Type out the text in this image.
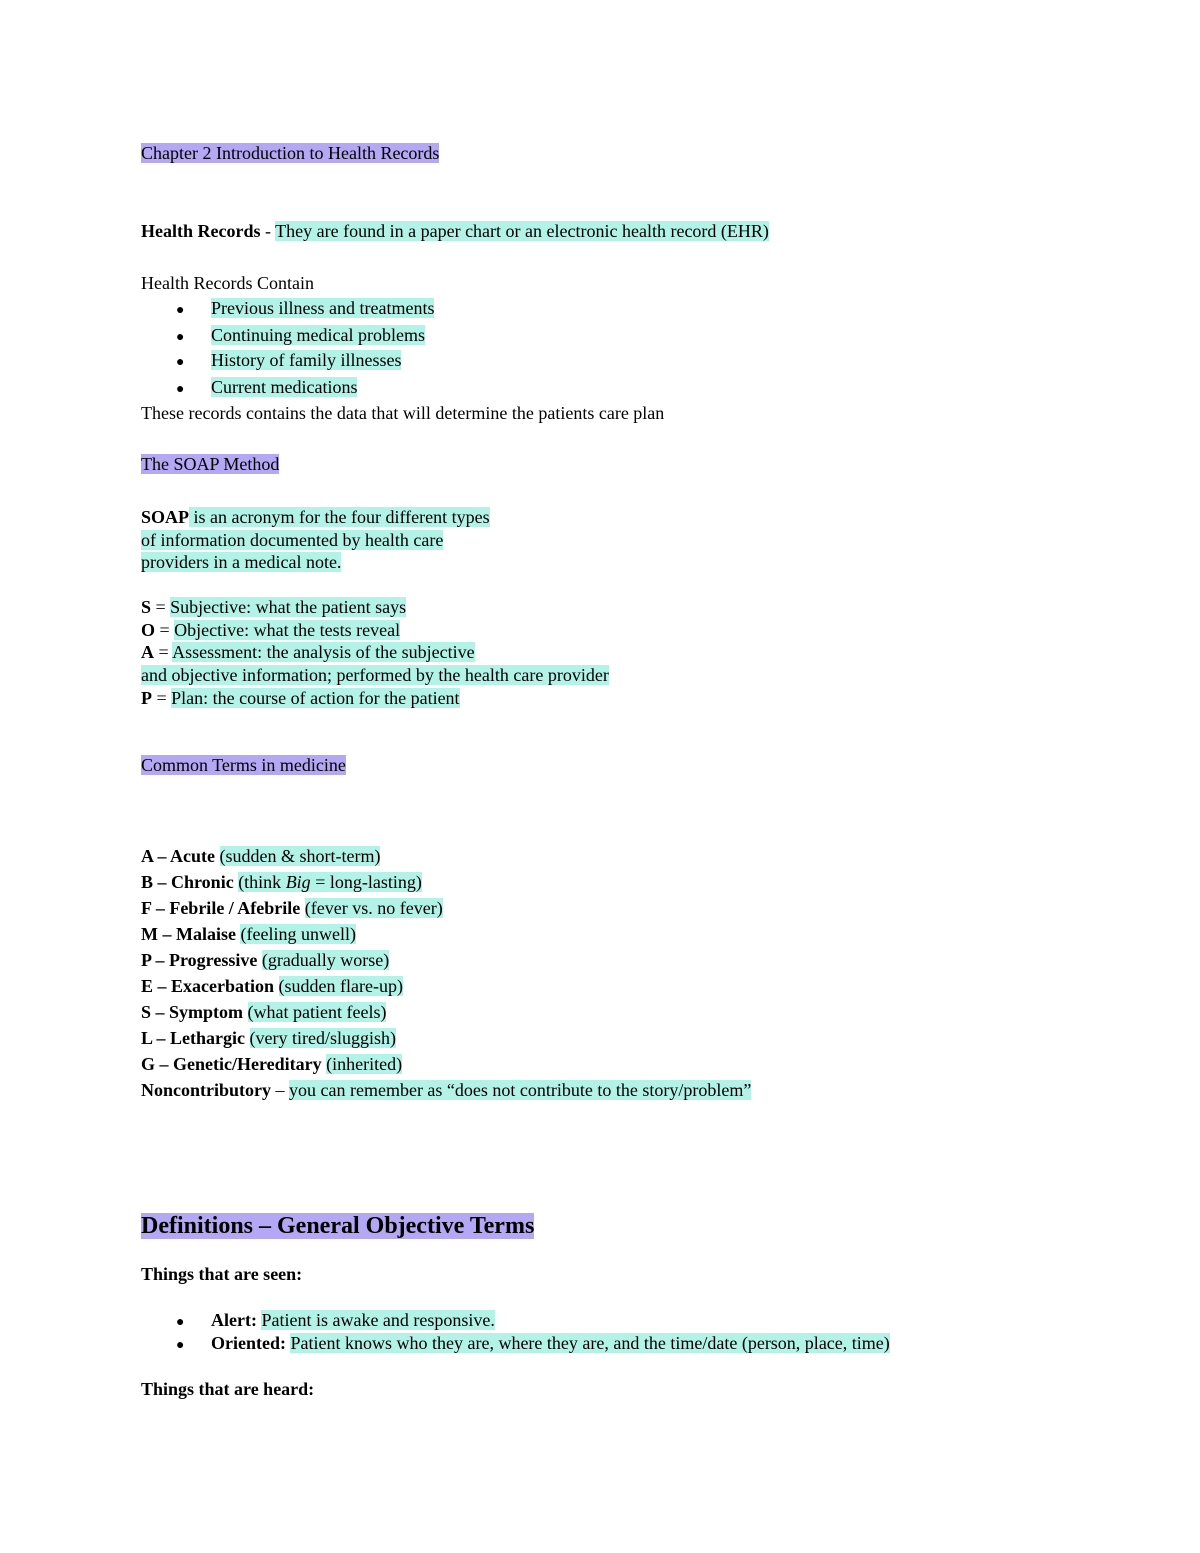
Chapter 2 Introduction to Health Records
Health Records - They are found in a paper chart or an electronic health record (EHR)
Health Records Contain
● Previous illness and treatments
● Continuing medical problems
● History of family illnesses
● Current medications
These records contains the data that will determine the patients care plan
The SOAP Method
SOAP is an acronym for the four different types
of information documented by health care
providers in a medical note.
S = Subjective: what the patient says
O = Objective: what the tests reveal
A = Assessment: the analysis of the subjective
and objective information; performed by the health care provider
P = Plan: the course of action for the patient
Common Terms in medicine
A – Acute (sudden & short-term)
B – Chronic (think Big = long-lasting)
F – Febrile / Afebrile (fever vs. no fever)
M – Malaise (feeling unwell)
P – Progressive (gradually worse)
E – Exacerbation (sudden flare-up)
S – Symptom (what patient feels)
L – Lethargic (very tired/sluggish)
G – Genetic/Hereditary (inherited)
Noncontributory – you can remember as “does not contribute to the story/problem”
Definitions – General Objective Terms
Things that are seen:
● Alert: Patient is awake and responsive.
● Oriented: Patient knows who they are, where they are, and the time/date (person, place, time)
Things that are heard:
